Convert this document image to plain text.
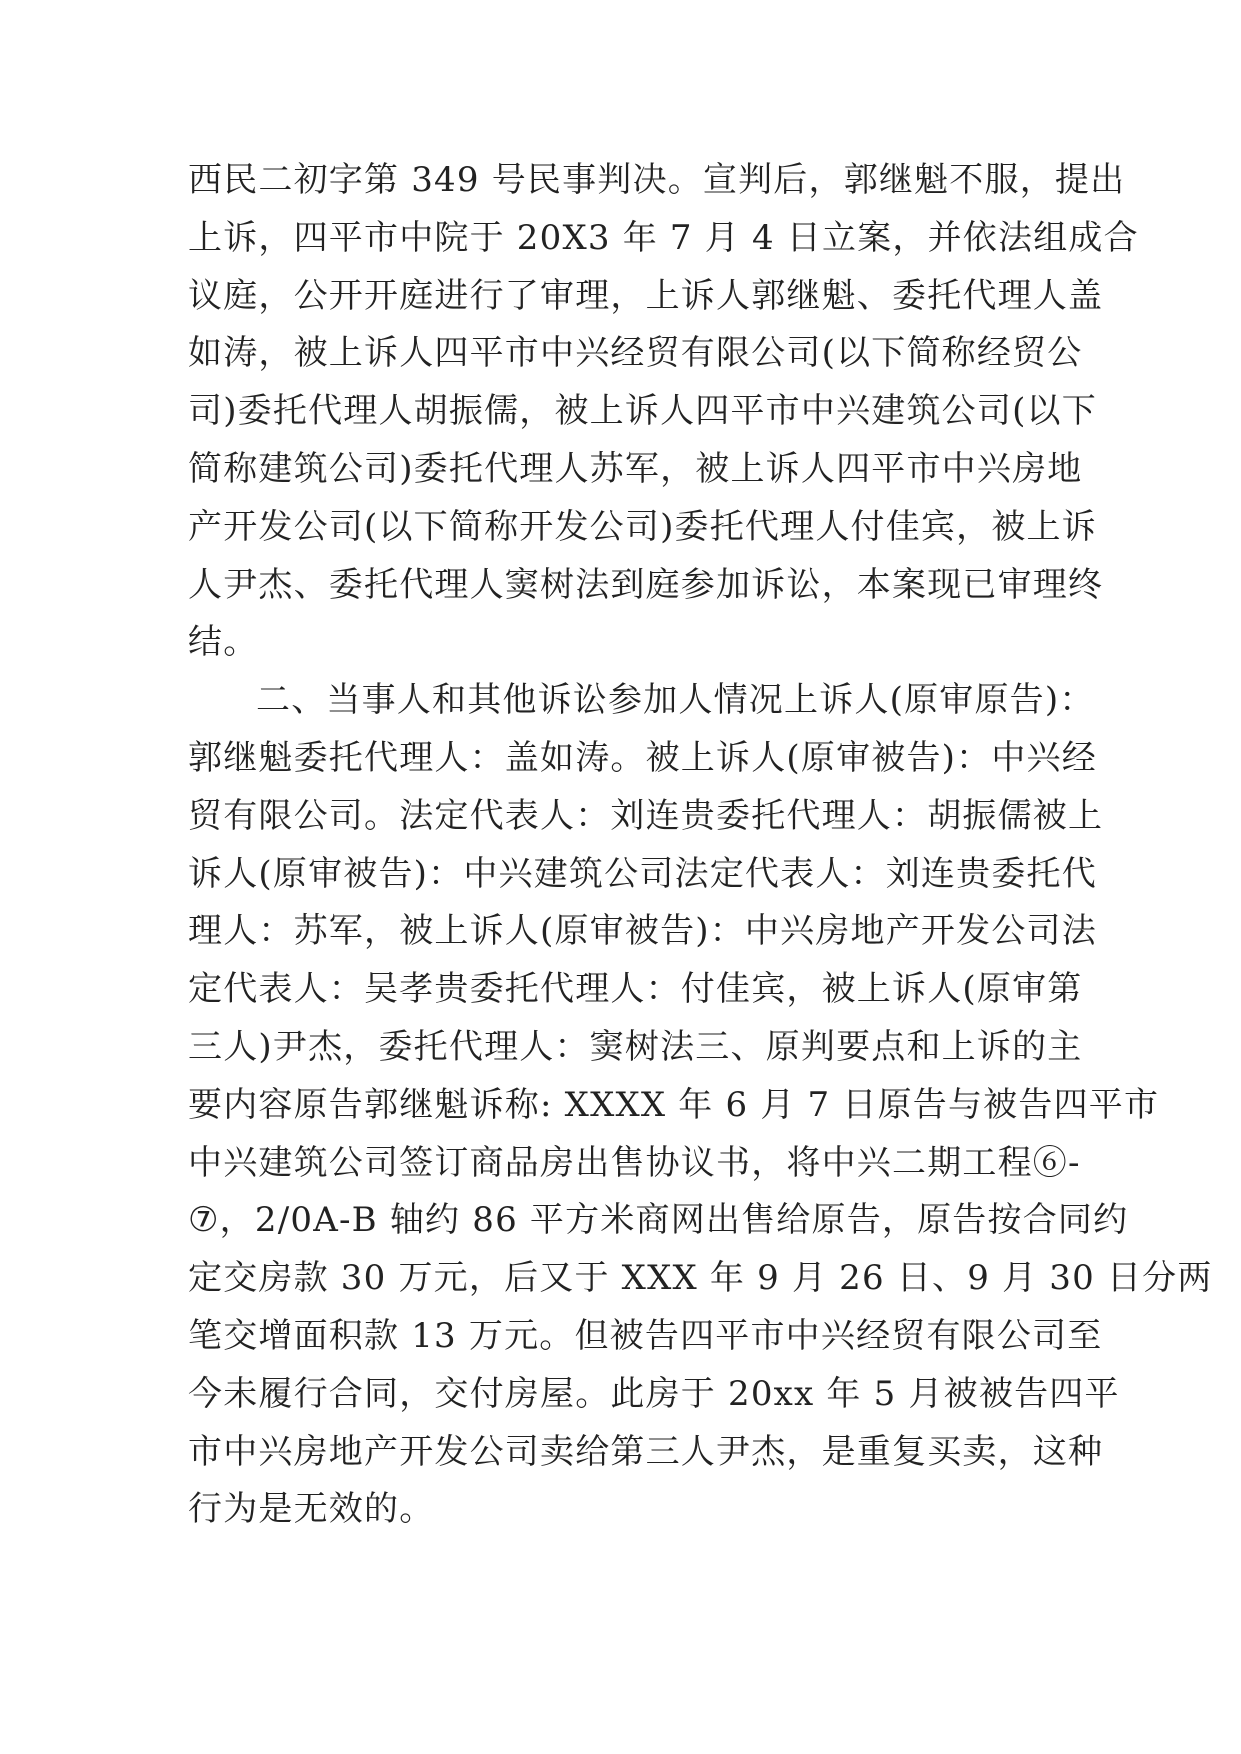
西民二初字第 349 号民事判决。宣判后，郭继魁不服，提出
上诉，四平市中院于 20X3 年 7 月 4 日立案，并依法组成合
议庭，公开开庭进行了审理，上诉人郭继魁、委托代理人盖
如涛，被上诉人四平市中兴经贸有限公司(以下简称经贸公
司)委托代理人胡振儒，被上诉人四平市中兴建筑公司(以下
简称建筑公司)委托代理人苏军，被上诉人四平市中兴房地
产开发公司(以下简称开发公司)委托代理人付佳宾，被上诉
人尹杰、委托代理人窦树法到庭参加诉讼，本案现已审理终
结。
二、当事人和其他诉讼参加人情况上诉人(原审原告)：
郭继魁委托代理人：盖如涛。被上诉人(原审被告)：中兴经
贸有限公司。法定代表人：刘连贵委托代理人：胡振儒被上
诉人(原审被告)：中兴建筑公司法定代表人：刘连贵委托代
理人：苏军，被上诉人(原审被告)：中兴房地产开发公司法
定代表人：吴孝贵委托代理人：付佳宾，被上诉人(原审第
三人)尹杰，委托代理人：窦树法三、原判要点和上诉的主
要内容原告郭继魁诉称: XXXX 年 6 月 7 日原告与被告四平市
中兴建筑公司签订商品房出售协议书，将中兴二期工程⑥-
⑦，2/0A-B 轴约 86 平方米商网出售给原告，原告按合同约
定交房款 30 万元，后又于 XXX 年 9 月 26 日、9 月 30 日分两
笔交增面积款 13 万元。但被告四平市中兴经贸有限公司至
今未履行合同，交付房屋。此房于 20xx 年 5 月被被告四平
市中兴房地产开发公司卖给第三人尹杰，是重复买卖，这种
行为是无效的。
